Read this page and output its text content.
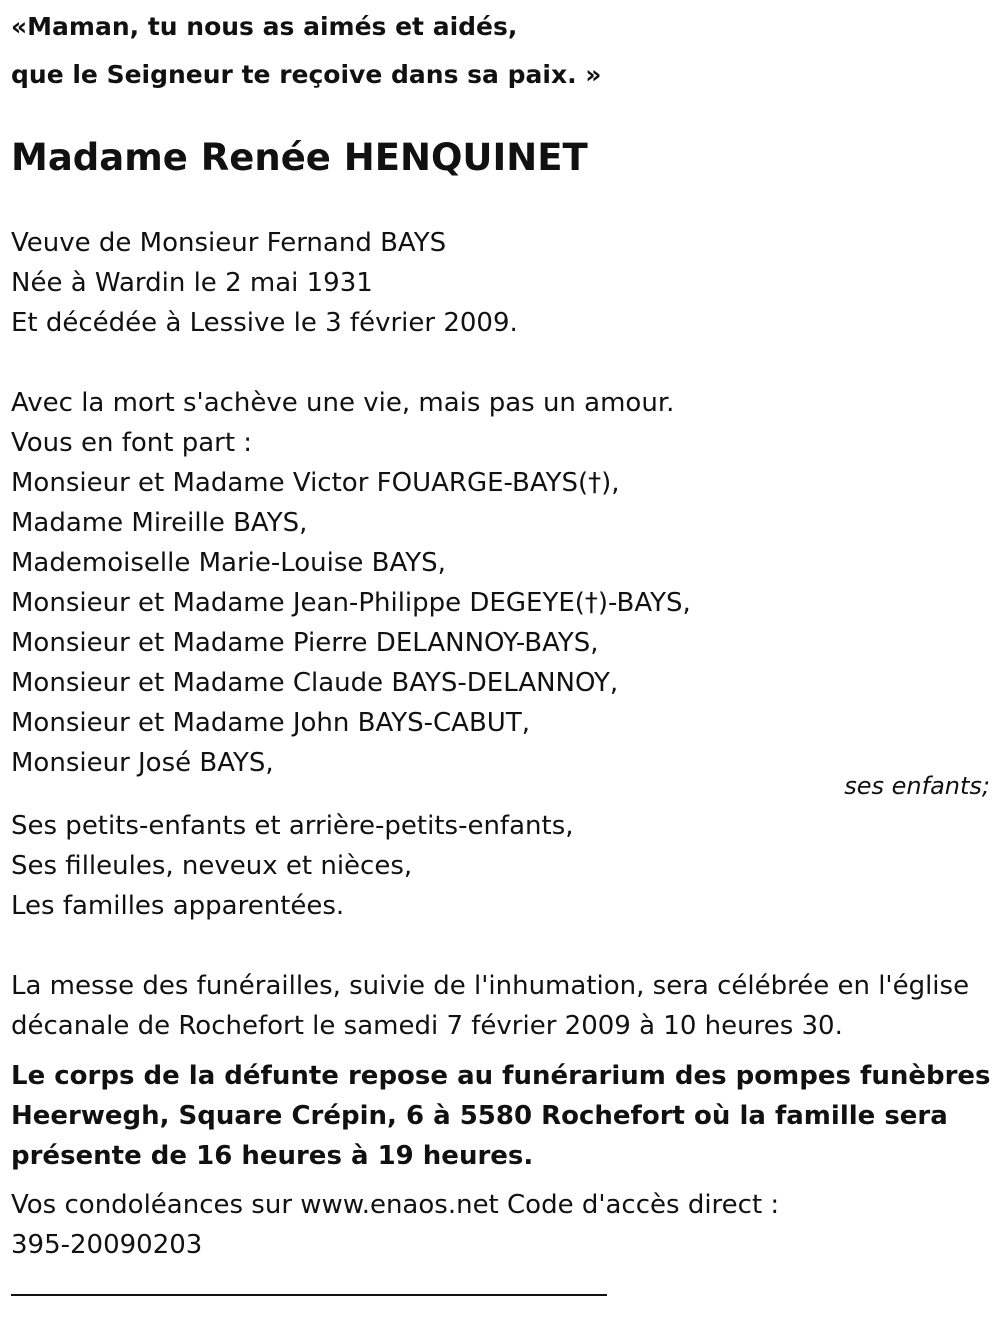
«Maman, tu nous as aimés et aidés,
que le Seigneur te reçoive dans sa paix. »
Madame Renée HENQUINET
Veuve de Monsieur Fernand BAYS
Née à Wardin le 2 mai 1931
Et décédée à Lessive le 3 février 2009.
Avec la mort s'achève une vie, mais pas un amour.
Vous en font part :
Monsieur et Madame Victor FOUARGE-BAYS(†),
Madame Mireille BAYS,
Mademoiselle Marie-Louise BAYS,
Monsieur et Madame Jean-Philippe DEGEYE(†)-BAYS,
Monsieur et Madame Pierre DELANNOY-BAYS,
Monsieur et Madame Claude BAYS-DELANNOY,
Monsieur et Madame John BAYS-CABUT,
Monsieur José BAYS,
ses enfants;
Ses petits-enfants et arrière-petits-enfants,
Ses filleules, neveux et nièces,
Les familles apparentées.
La messe des funérailles, suivie de l'inhumation, sera célébrée en l'église
décanale de Rochefort le samedi 7 février 2009 à 10 heures 30.
Le corps de la défunte repose au funérarium des pompes funèbres
Heerwegh, Square Crépin, 6 à 5580 Rochefort où la famille sera
présente de 16 heures à 19 heures.
Vos condoléances sur www.enaos.net Code d'accès direct :
395-20090203
